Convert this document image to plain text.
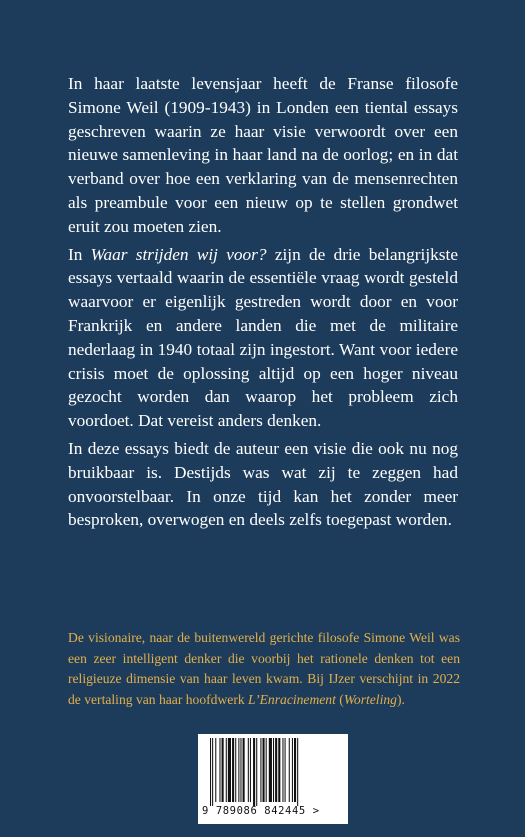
In haar laatste levensjaar heeft de Franse filosofe Simone Weil (1909-1943) in Londen een tiental essays geschreven waarin ze haar visie verwoordt over een nieuwe samenleving in haar land na de oorlog; en in dat verband over hoe een verklaring van de mensenrechten als preambule voor een nieuw op te stellen grondwet eruit zou moeten zien.

In Waar strijden wij voor? zijn de drie belangrijkste essays vertaald waarin de essentiële vraag wordt gesteld waarvoor er eigenlijk gestreden wordt door en voor Frankrijk en andere landen die met de militaire nederlaag in 1940 totaal zijn ingestort. Want voor iedere crisis moet de oplossing altijd op een hoger niveau gezocht worden dan waarop het probleem zich voordoet. Dat vereist anders denken.

In deze essays biedt de auteur een visie die ook nu nog bruikbaar is. Destijds was wat zij te zeggen had onvoorstelbaar. In onze tijd kan het zonder meer besproken, overwogen en deels zelfs toegepast worden.

De visionaire, naar de buitenwereld gerichte filosofe Simone Weil was een zeer intelligent denker die voorbij het rationele denken tot een religieuze dimensie van haar leven kwam. Bij IJzer verschijnt in 2022 de vertaling van haar hoofdwerk L’Enracinement (Worteling).

9 789086 842445 >
